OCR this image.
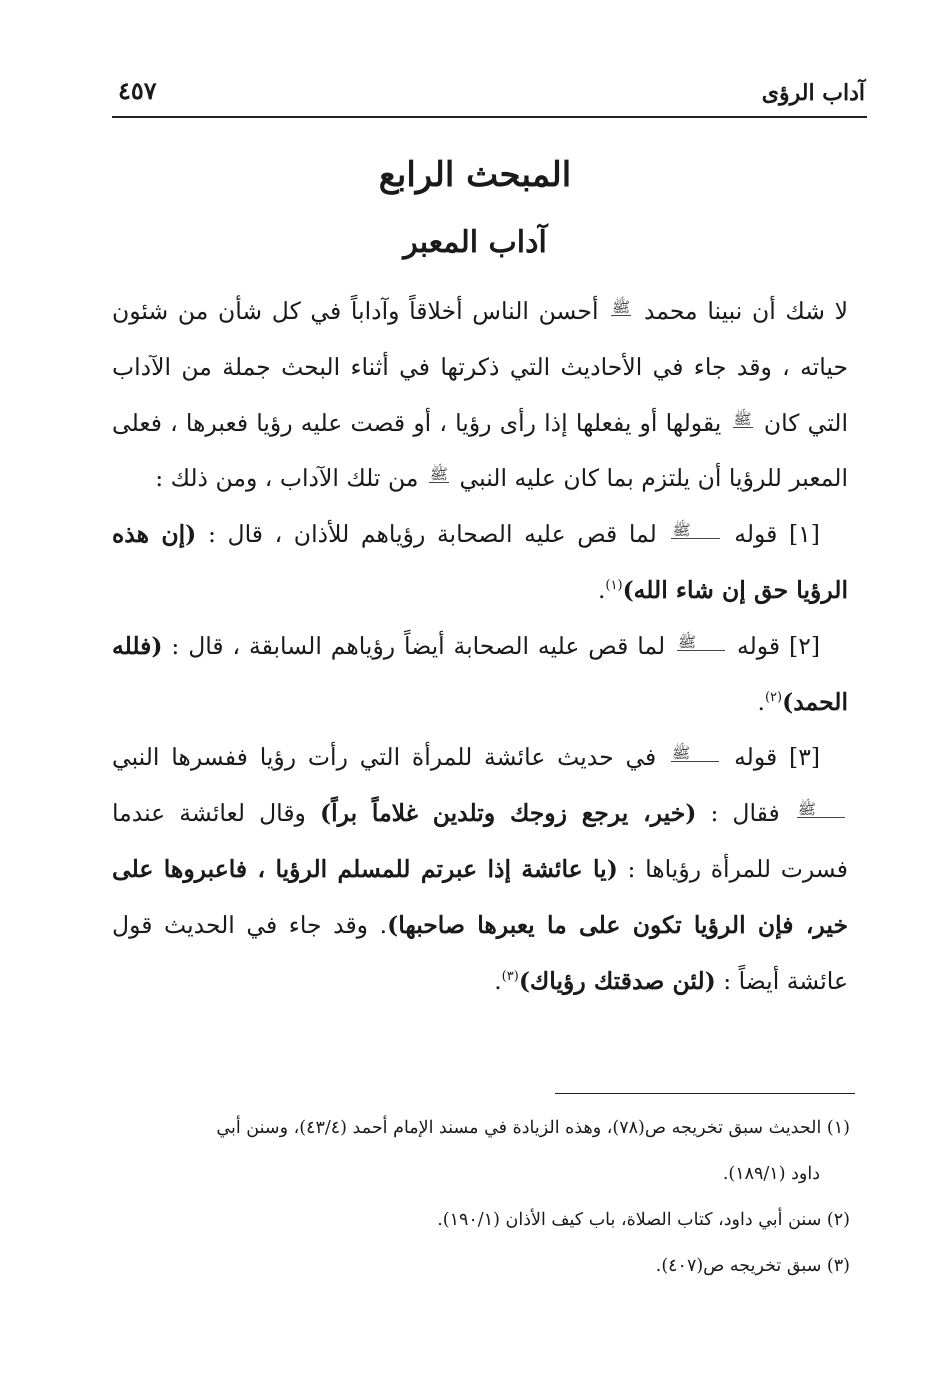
آداب الرؤى
٤٥٧
المبحث الرابع
آداب المعبر

لا شك أن نبينا محمد ﷺ أحسن الناس أخلاقاً وآداباً في كل شأن من شئون حياته ، وقد جاء في الأحاديث التي ذكرتها في أثناء البحث جملة من الآداب التي كان ﷺ يقولها أو يفعلها إذا رأى رؤيا ، أو قصت عليه رؤيا فعبرها ، فعلى المعبر للرؤيا أن يلتزم بما كان عليه النبي ﷺ من تلك الآداب ، ومن ذلك :

[١] قوله ﷺ لما قص عليه الصحابة رؤياهم للأذان ، قال : (إن هذه الرؤيا حق إن شاء الله)$^{(١)}$.

[٢] قوله ﷺ لما قص عليه الصحابة أيضاً رؤياهم السابقة ، قال : (فلله الحمد)$^{(٢)}$.

[٣] قوله ﷺ في حديث عائشة للمرأة التي رأت رؤيا ففسرها النبي ﷺ فقال : (خير، يرجع زوجك وتلدين غلاماً براً) وقال لعائشة عندما فسرت للمرأة رؤياها : (يا عائشة إذا عبرتم للمسلم الرؤيا ، فاعبروها على خير، فإن الرؤيا تكون على ما يعبرها صاحبها). وقد جاء في الحديث قول عائشة أيضاً : (لئن صدقتك رؤياك)$^{(٣)}$.

(١) الحديث سبق تخريجه ص(٧٨)، وهذه الزيادة في مسند الإمام أحمد (٤٣/٤)، وسنن أبي

داود (١٨٩/١).

(٢) سنن أبي داود، كتاب الصلاة، باب كيف الأذان (١٩٠/١).

(٣) سبق تخريجه ص(٤٠٧).
